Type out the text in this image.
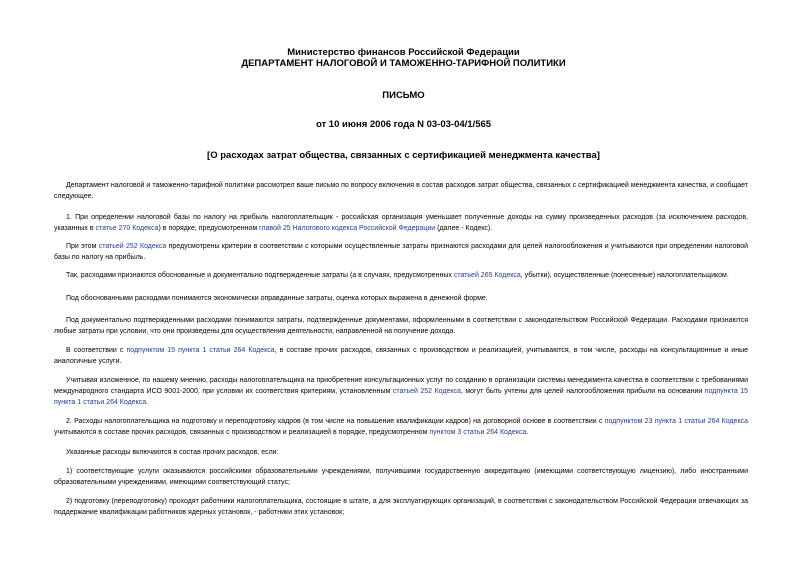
Министерство финансов Российской Федерации
ДЕПАРТАМЕНТ НАЛОГОВОЙ И ТАМОЖЕННО-ТАРИФНОЙ ПОЛИТИКИ
ПИСЬМО
от 10 июня 2006 года N 03-03-04/1/565
[О расходах затрат общества, связанных с сертификацией менеджмента качества]

Департамент налоговой и таможенно-тарифной политики рассмотрел ваше письмо по вопросу включения в состав расходов затрат общества, связанных с сертификацией менеджмента качества, и сообщает следующее.

1. При определении налоговой базы по налогу на прибыль налогоплательщик - российская организация уменьшает полученные доходы на сумму произведенных расходов (за исключением расходов, указанных в статье 270 Кодекса) в порядке, предусмотренном главой 25 Налогового кодекса Российской Федерации (далее - Кодекс).

При этом статьей 252 Кодекса предусмотрены критерии в соответствии с которыми осуществленные затраты признаются расходами для целей налогообложения и учитываются при определении налоговой базы по налогу на прибыль.

Так, расходами признаются обоснованные и документально подтвержденные затраты (а в случаях, предусмотренных статьей 265 Кодекса, убытки), осуществленные (понесенные) налогоплательщиком.

Под обоснованными расходами понимаются экономически оправданные затраты, оценка которых выражена в денежной форме.

Под документально подтвержденными расходами понимаются затраты, подтвержденные документами, оформленными в соответствии с законодательством Российской Федерации. Расходами признаются любые затраты при условии, что они произведены для осуществления деятельности, направленной на получение дохода.

В соответствии с подпунктом 15 пункта 1 статьи 264 Кодекса, в составе прочих расходов, связанных с производством и реализацией, учитываются, в том числе, расходы на консультационные и иные аналогичные услуги.

Учитывая изложенное, по нашему мнению, расходы налогоплательщика на приобретение консультационных услуг по созданию в организации системы менеджмента качества в соответствии с требованиями международного стандарта ИСО 9001-2000, при условии их соответствия критериям, установленным статьей 252 Кодекса, могут быть учтены для целей налогообложения прибыли на основании подпункта 15 пункта 1 статьи 264 Кодекса.

2. Расходы налогоплательщика на подготовку и переподготовку кадров (в том числе на повышение квалификации кадров) на договорной основе в соответствии с подпунктом 23 пункта 1 статьи 264 Кодекса учитываются в составе прочих расходов, связанных с производством и реализацией в порядке, предусмотренном пунктом 3 статьи 264 Кодекса.

Указанные расходы включаются в состав прочих расходов, если:

1) соответствующие услуги оказываются российскими образовательными учреждениями, получившими государственную аккредитацию (имеющими соответствующую лицензию), либо иностранными образовательными учреждениями, имеющими соответствующий статус;

2) подготовку (переподготовку) проходят работники налогоплательщика, состоящие в штате, а для эксплуатирующих организаций, в соответствии с законодательством Российской Федерации отвечающих за поддержание квалификации работников ядерных установок, - работники этих установок;
